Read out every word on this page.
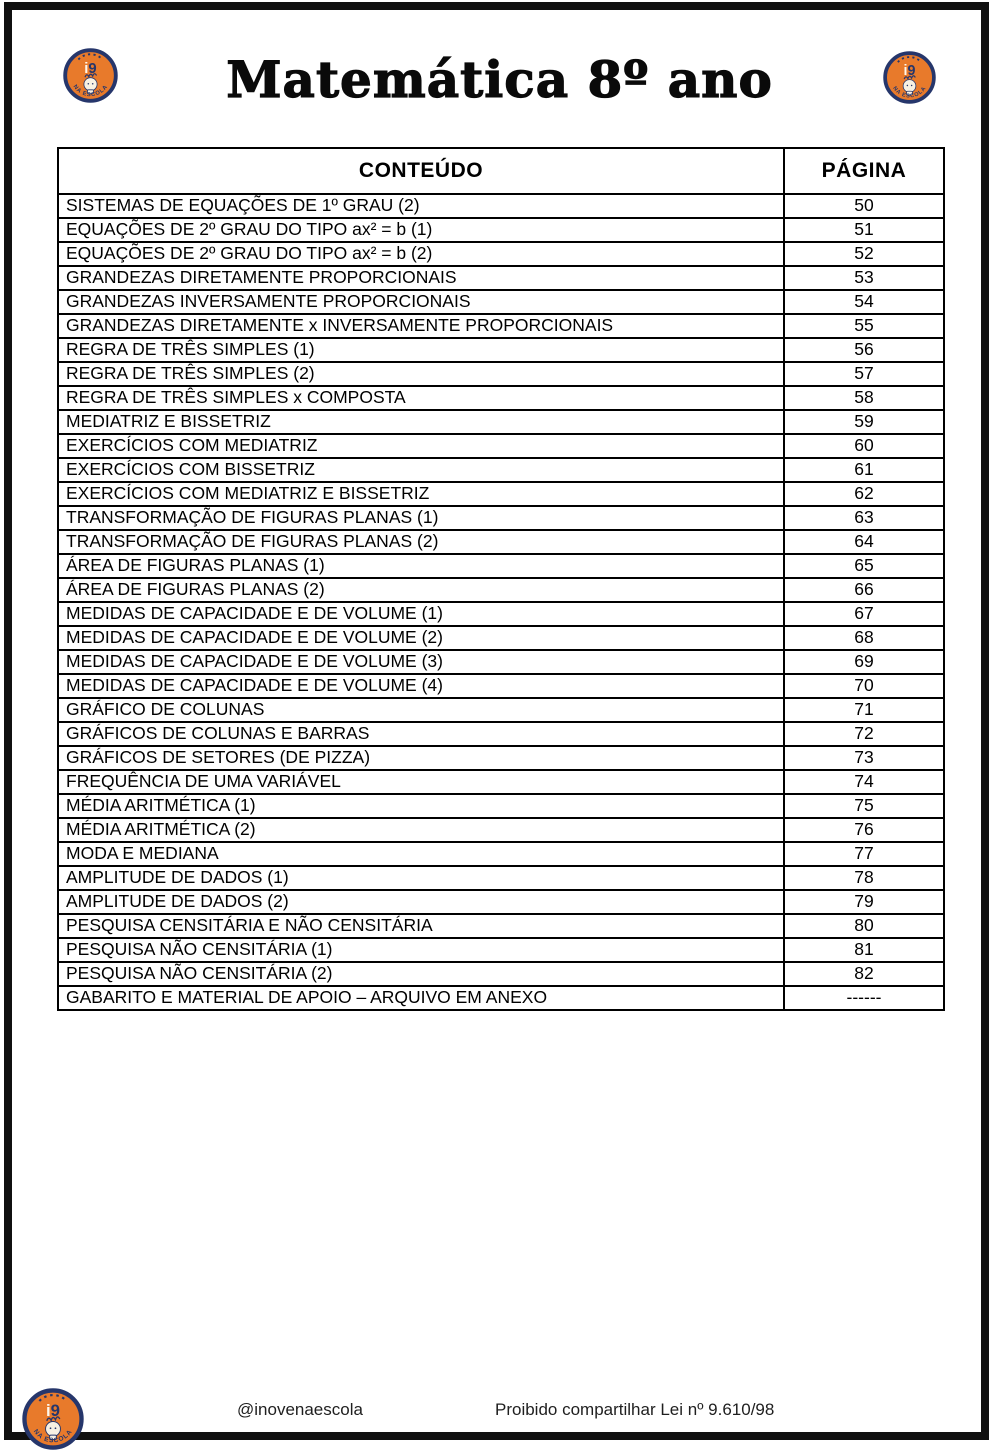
Matemática 8º ano
CONTEÚDO	PÁGINA
SISTEMAS DE EQUAÇÕES DE 1º GRAU (2)	50
EQUAÇÕES DE 2º GRAU DO TIPO ax² = b (1)	51
EQUAÇÕES DE 2º GRAU DO TIPO ax² = b (2)	52
GRANDEZAS DIRETAMENTE PROPORCIONAIS	53
GRANDEZAS INVERSAMENTE PROPORCIONAIS	54
GRANDEZAS DIRETAMENTE x INVERSAMENTE PROPORCIONAIS	55
REGRA DE TRÊS SIMPLES (1)	56
REGRA DE TRÊS SIMPLES (2)	57
REGRA DE TRÊS SIMPLES x COMPOSTA	58
MEDIATRIZ E BISSETRIZ	59
EXERCÍCIOS COM MEDIATRIZ	60
EXERCÍCIOS COM BISSETRIZ	61
EXERCÍCIOS COM MEDIATRIZ E BISSETRIZ	62
TRANSFORMAÇÃO DE FIGURAS PLANAS (1)	63
TRANSFORMAÇÃO DE FIGURAS PLANAS (2)	64
ÁREA DE FIGURAS PLANAS (1)	65
ÁREA DE FIGURAS PLANAS (2)	66
MEDIDAS DE CAPACIDADE E DE VOLUME (1)	67
MEDIDAS DE CAPACIDADE E DE VOLUME (2)	68
MEDIDAS DE CAPACIDADE E DE VOLUME (3)	69
MEDIDAS DE CAPACIDADE E DE VOLUME (4)	70
GRÁFICO DE COLUNAS	71
GRÁFICOS DE COLUNAS E BARRAS	72
GRÁFICOS DE SETORES (DE PIZZA)	73
FREQUÊNCIA DE UMA VARIÁVEL	74
MÉDIA ARITMÉTICA (1)	75
MÉDIA ARITMÉTICA (2)	76
MODA E MEDIANA	77
AMPLITUDE DE DADOS (1)	78
AMPLITUDE DE DADOS (2)	79
PESQUISA CENSITÁRIA E NÃO CENSITÁRIA	80
PESQUISA NÃO CENSITÁRIA (1)	81
PESQUISA NÃO CENSITÁRIA (2)	82
GABARITO E MATERIAL DE APOIO – ARQUIVO EM ANEXO	------
@inovenaescola	Proibido compartilhar Lei nº 9.610/98
